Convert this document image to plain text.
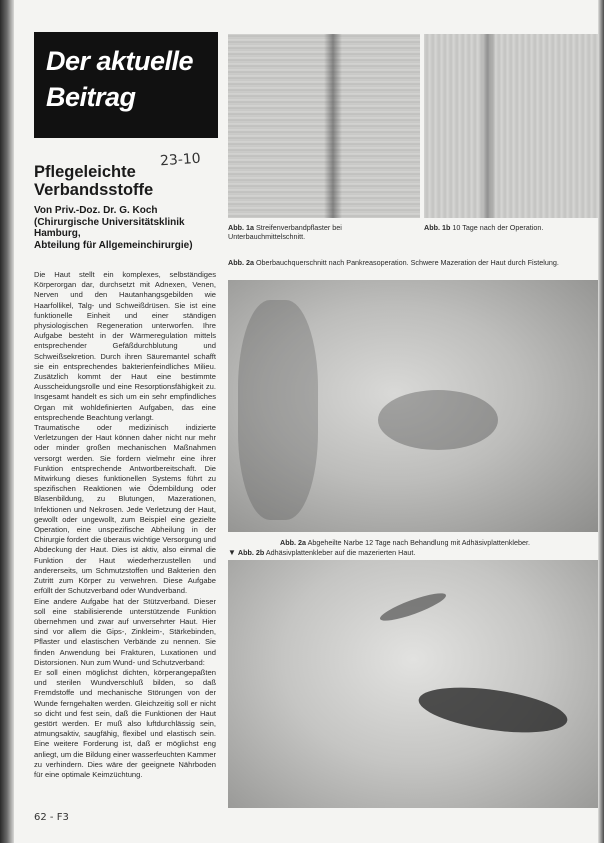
Der aktuelle
Beitrag
23-10
Pflegeleichte
Verbandsstoffe
Von Priv.-Doz. Dr. G. Koch
(Chirurgische Universitätsklinik
Hamburg,
Abteilung für Allgemeinchirurgie)

Die Haut stellt ein komplexes, selbständiges Körperorgan dar, durchsetzt mit Adnexen, Venen, Nerven und den Hautanhangsgebilden wie Haarfollikel, Talg- und Schweißdrüsen. Sie ist eine funktionelle Einheit und einer ständigen physiologischen Regeneration unterworfen. Ihre Aufgabe besteht in der Wärmeregulation mittels entsprechender Gefäßdurchblutung und Schweißsekretion. Durch ihren Säuremantel schafft sie ein entsprechendes bakterienfeindliches Milieu. Zusätzlich kommt der Haut eine bestimmte Ausscheidungsrolle und eine Resorptionsfähigkeit zu. Insgesamt handelt es sich um ein sehr empfindliches Organ mit wohldefinierten Aufgaben, das eine entsprechende Beachtung verlangt.

Traumatische oder medizinisch indizierte Verletzungen der Haut können daher nicht nur mehr oder minder großen mechanischen Maßnahmen versorgt werden. Sie fordern vielmehr eine ihrer Funktion entsprechende Antwortbereitschaft. Die Mitwirkung dieses funktionellen Systems führt zu spezifischen Reaktionen wie Ödembildung oder Blasenbildung, zu Blutungen, Mazerationen, Infektionen und Nekrosen. Jede Verletzung der Haut, gewollt oder ungewollt, zum Beispiel eine gezielte Operation, eine unspezifische Abheilung in der Chirurgie fordert die überaus wichtige Versorgung und Abdeckung der Haut. Dies ist aktiv, also einmal die Funktion der Haut wiederherzustellen und andererseits, um Schmutzstoffen und Bakterien den Zutritt zum Körper zu verwehren. Diese Aufgabe erfüllt der Schutzverband oder Wundverband.

Eine andere Aufgabe hat der Stützverband. Dieser soll eine stabilisierende unterstützende Funktion übernehmen und zwar auf unversehrter Haut. Hier sind vor allem die Gips-, Zinkleim-, Stärkebinden, Pflaster und elastischen Verbände zu nennen. Sie finden Anwendung bei Frakturen, Luxationen und Distorsionen. Nun zum Wund- und Schutzverband:

Er soll einen möglichst dichten, körperangepaßten und sterilen Wundverschluß bilden, so daß Fremdstoffe und mechanische Störungen von der Wunde ferngehalten werden. Gleichzeitig soll er nicht so dicht und fest sein, daß die Funktionen der Haut gestört werden. Er muß also luftdurchlässig sein, atmungsaktiv, saugfähig, flexibel und elastisch sein. Eine weitere Forderung ist, daß er möglichst eng anliegt, um die Bildung einer wasserfeuchten Kammer zu verhindern. Dies wäre der geeignete Nährboden für eine optimale Keimzüchtung.

Abb. 1a Streifenverbandpflaster bei Unterbauchmittelschnitt.
Abb. 1b 10 Tage nach der Operation.
Abb. 2a Oberbauchquerschnitt nach Pankreasoperation. Schwere Mazeration der Haut durch Fistelung.
Abb. 2a Abgeheilte Narbe 12 Tage nach Behandlung mit Adhäsivplattenkleber.
▼ Abb. 2b Adhäsivplattenkleber auf die mazerierten Haut.
62 - F3
